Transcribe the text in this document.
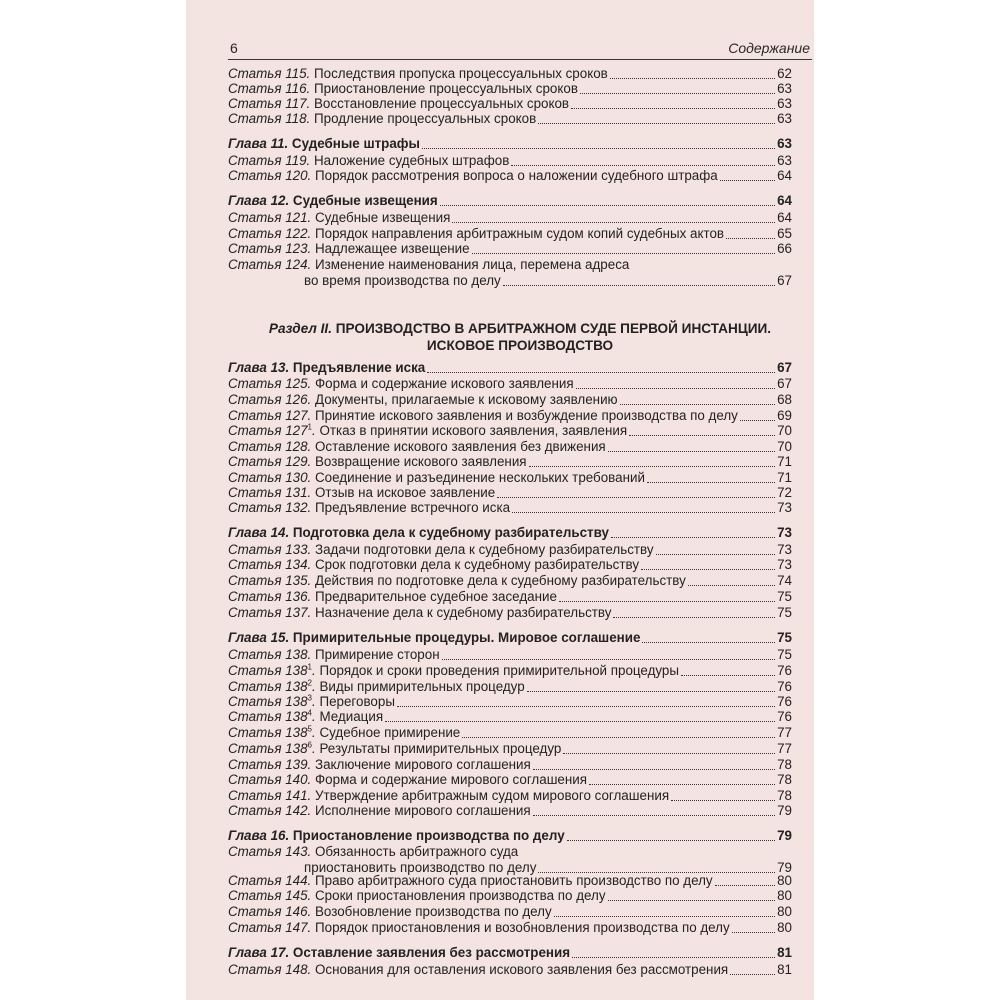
6	Содержание
Раздел II. ПРОИЗВОДСТВО В АРБИТРАЖНОМ СУДЕ ПЕРВОЙ ИНСТАНЦИИ.
ИСКОВОЕ ПРОИЗВОДСТВО
Статья 115. Последствия пропуска процессуальных сроков	62
Статья 116. Приостановление процессуальных сроков	63
Статья 117. Восстановление процессуальных сроков	63
Статья 118. Продление процессуальных сроков	63
Глава 11. Судебные штрафы	63
Статья 119. Наложение судебных штрафов	63
Статья 120. Порядок рассмотрения вопроса о наложении судебного штрафа	64
Глава 12. Судебные извещения	64
Статья 121. Судебные извещения	64
Статья 122. Порядок направления арбитражным судом копий судебных актов	65
Статья 123. Надлежащее извещение	66
Статья 124. Изменение наименования лица, перемена адреса
во время производства по делу	67
Глава 13. Предъявление иска	67
Статья 125. Форма и содержание искового заявления	67
Статья 126. Документы, прилагаемые к исковому заявлению	68
Статья 127. Принятие искового заявления и возбуждение производства по делу	69
Статья $127^1$. Отказ в принятии искового заявления, заявления	70
Статья 128. Оставление искового заявления без движения	70
Статья 129. Возвращение искового заявления	71
Статья 130. Соединение и разъединение нескольких требований	71
Статья 131. Отзыв на исковое заявление	72
Статья 132. Предъявление встречного иска	73
Глава 14. Подготовка дела к судебному разбирательству	73
Статья 133. Задачи подготовки дела к судебному разбирательству	73
Статья 134. Срок подготовки дела к судебному разбирательству	73
Статья 135. Действия по подготовке дела к судебному разбирательству	74
Статья 136. Предварительное судебное заседание	75
Статья 137. Назначение дела к судебному разбирательству	75
Глава 15. Примирительные процедуры. Мировое соглашение	75
Статья 138. Примирение сторон	75
Статья $138^1$. Порядок и сроки проведения примирительной процедуры	76
Статья $138^2$. Виды примирительных процедур	76
Статья $138^3$. Переговоры	76
Статья $138^4$. Медиация	76
Статья $138^5$. Судебное примирение	77
Статья $138^6$. Результаты примирительных процедур	77
Статья 139. Заключение мирового соглашения	78
Статья 140. Форма и содержание мирового соглашения	78
Статья 141. Утверждение арбитражным судом мирового соглашения	78
Статья 142. Исполнение мирового соглашения	79
Глава 16. Приостановление производства по делу	79
Статья 143. Обязанность арбитражного суда
приостановить производство по делу	79
Статья 144. Право арбитражного суда приостановить производство по делу	80
Статья 145. Сроки приостановления производства по делу	80
Статья 146. Возобновление производства по делу	80
Статья 147. Порядок приостановления и возобновления производства по делу	80
Глава 17. Оставление заявления без рассмотрения	81
Статья 148. Основания для оставления искового заявления без рассмотрения	81
